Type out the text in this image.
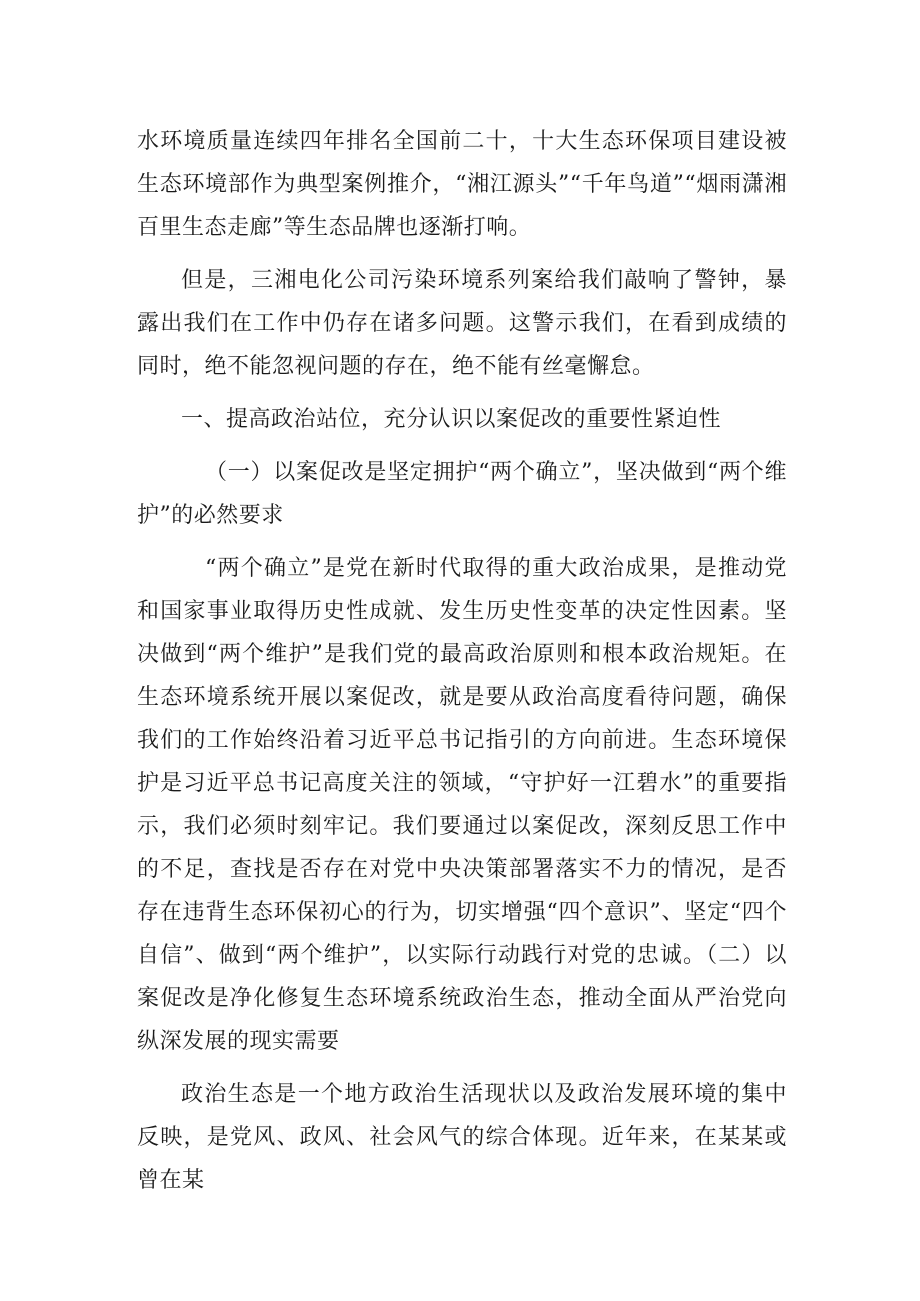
水环境质量连续四年排名全国前二十，十大生态环保项目建设被生态环境部作为典型案例推介，“湘江源头”“千年鸟道”“烟雨潇湘百里生态走廊”等生态品牌也逐渐打响。

但是，三湘电化公司污染环境系列案给我们敲响了警钟，暴露出我们在工作中仍存在诸多问题。这警示我们，在看到成绩的同时，绝不能忽视问题的存在，绝不能有丝毫懈怠。

一、提高政治站位，充分认识以案促改的重要性紧迫性

（一）以案促改是坚定拥护“两个确立”，坚决做到“两个维护”的必然要求

“两个确立”是党在新时代取得的重大政治成果，是推动党和国家事业取得历史性成就、发生历史性变革的决定性因素。坚决做到“两个维护”是我们党的最高政治原则和根本政治规矩。在生态环境系统开展以案促改，就是要从政治高度看待问题，确保我们的工作始终沿着习近平总书记指引的方向前进。生态环境保护是习近平总书记高度关注的领域，“守护好一江碧水”的重要指示，我们必须时刻牢记。我们要通过以案促改，深刻反思工作中的不足，查找是否存在对党中央决策部署落实不力的情况，是否存在违背生态环保初心的行为，切实增强“四个意识”、坚定“四个自信”、做到“两个维护”，以实际行动践行对党的忠诚。（二）以案促改是净化修复生态环境系统政治生态，推动全面从严治党向纵深发展的现实需要

政治生态是一个地方政治生活现状以及政治发展环境的集中反映，是党风、政风、社会风气的综合体现。近年来，在某某或曾在某
